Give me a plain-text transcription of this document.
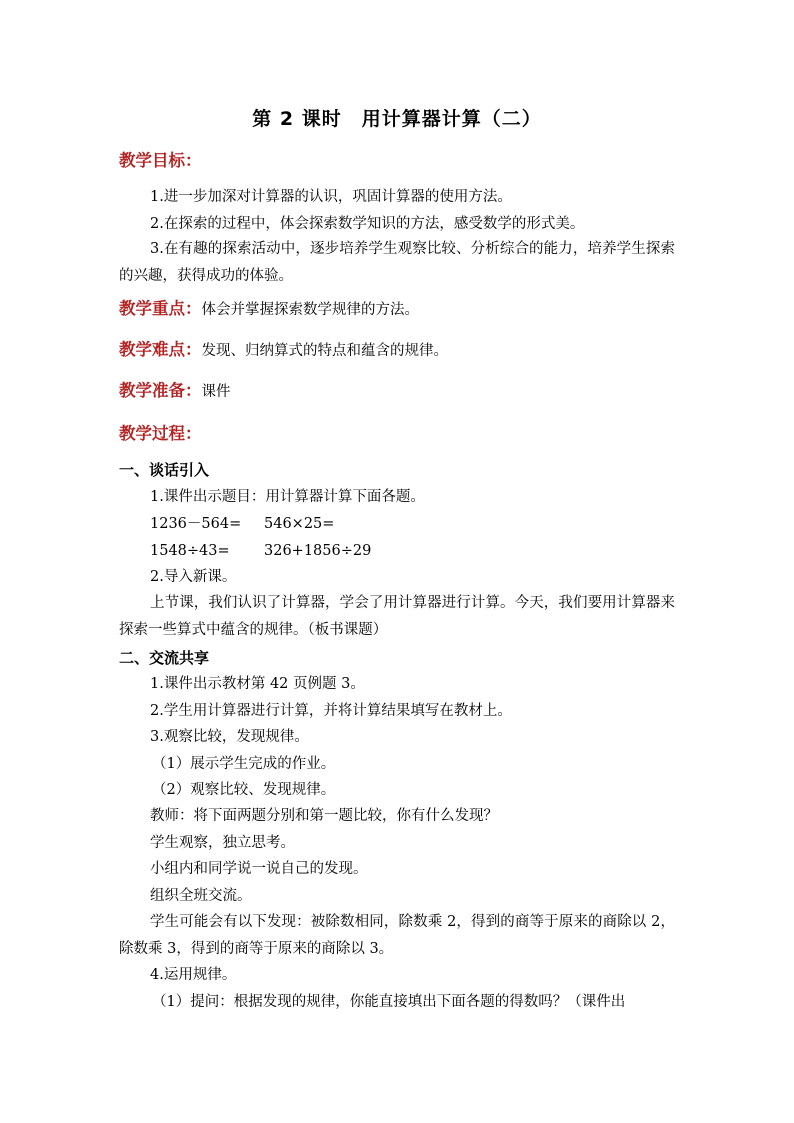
第 2 课时　用计算器计算（二）
教学目标：
1.进一步加深对计算器的认识，巩固计算器的使用方法。
2.在探索的过程中，体会探索数学知识的方法，感受数学的形式美。
3.在有趣的探索活动中，逐步培养学生观察比较、分析综合的能力，培养学生探索的兴趣，获得成功的体验。
教学重点：体会并掌握探索数学规律的方法。
教学难点：发现、归纳算式的特点和蕴含的规律。
教学准备：课件
教学过程：
一、谈话引入
1.课件出示题目：用计算器计算下面各题。
1236－564= 546×25=
1548÷43= 326+1856÷29
2.导入新课。
上节课，我们认识了计算器，学会了用计算器进行计算。今天，我们要用计算器来探索一些算式中蕴含的规律。（板书课题）
二、交流共享
1.课件出示教材第 42 页例题 3。
2.学生用计算器进行计算，并将计算结果填写在教材上。
3.观察比较，发现规律。
（1）展示学生完成的作业。
（2）观察比较、发现规律。
教师：将下面两题分别和第一题比较，你有什么发现？
学生观察，独立思考。
小组内和同学说一说自己的发现。
组织全班交流。
学生可能会有以下发现：被除数相同，除数乘 2，得到的商等于原来的商除以 2，除数乘 3，得到的商等于原来的商除以 3。
4.运用规律。
（1）提问：根据发现的规律，你能直接填出下面各题的得数吗？（课件出
